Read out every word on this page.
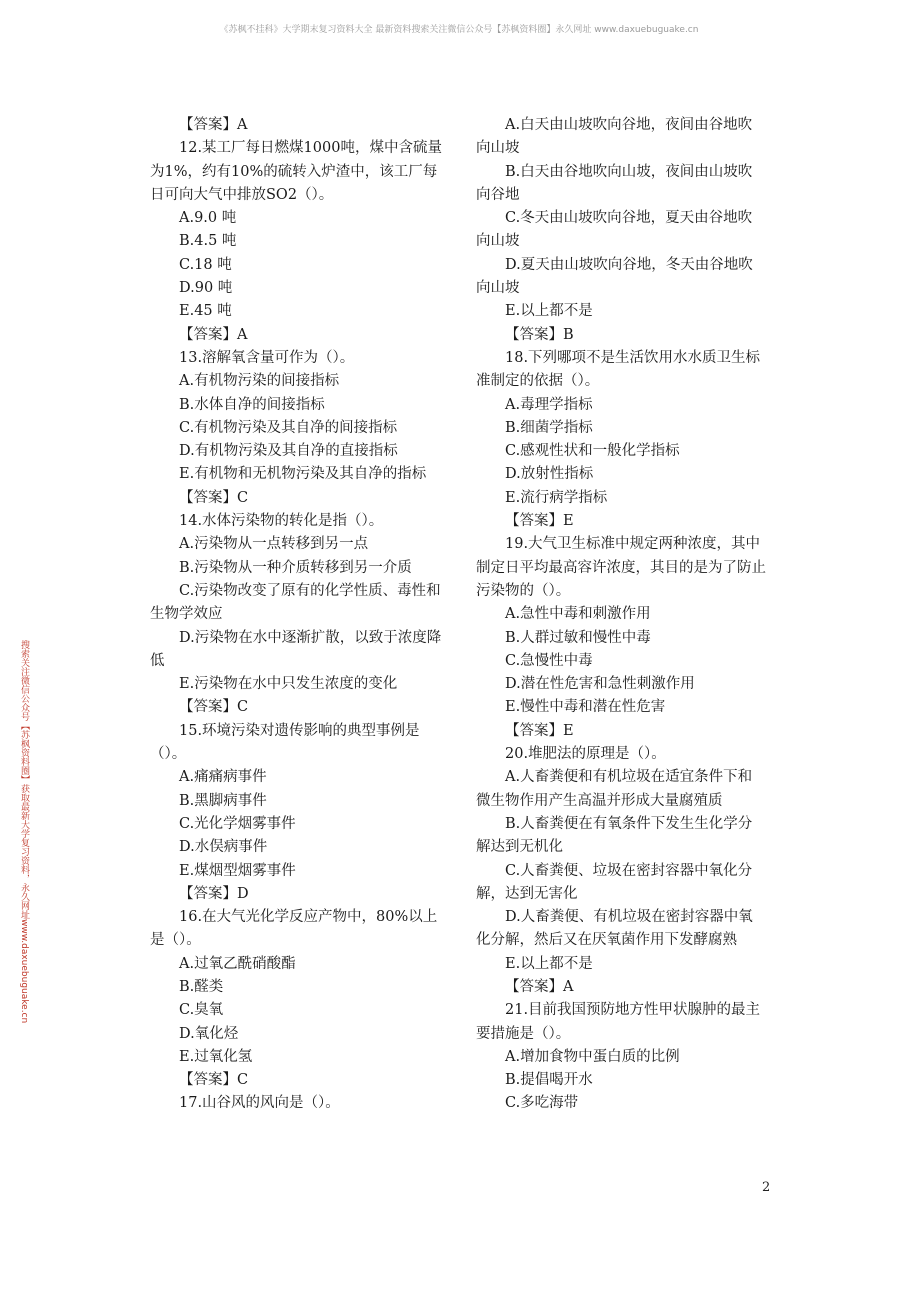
《苏枫不挂科》大学期末复习资料大全 最新资料搜索关注微信公众号【苏枫资料圈】永久网址 www.daxuebuguake.cn
搜索关注微信公众号【苏枫资料圈】获取最新大学复习资料，永久网址www.daxuebuguake.cn

【答案】A

12.某工厂每日燃煤1000吨，煤中含硫量为1%，约有10%的硫转入炉渣中，该工厂每日可向大气中排放SO2（）。

A.9.0 吨

B.4.5 吨

C.18 吨

D.90 吨

E.45 吨

【答案】A

13.溶解氧含量可作为（）。

A.有机物污染的间接指标

B.水体自净的间接指标

C.有机物污染及其自净的间接指标

D.有机物污染及其自净的直接指标

E.有机物和无机物污染及其自净的指标

【答案】C

14.水体污染物的转化是指（）。

A.污染物从一点转移到另一点

B.污染物从一种介质转移到另一介质

C.污染物改变了原有的化学性质、毒性和生物学效应

D.污染物在水中逐渐扩散，以致于浓度降低

E.污染物在水中只发生浓度的变化

【答案】C

15.环境污染对遗传影响的典型事例是（）。

A.痛痛病事件

B.黑脚病事件

C.光化学烟雾事件

D.水俣病事件

E.煤烟型烟雾事件

【答案】D

16.在大气光化学反应产物中，80%以上是（）。

A.过氧乙酰硝酸酯

B.醛类

C.臭氧

D.氧化烃

E.过氧化氢

【答案】C

17.山谷风的风向是（）。

A.白天由山坡吹向谷地，夜间由谷地吹向山坡

B.白天由谷地吹向山坡，夜间由山坡吹向谷地

C.冬天由山坡吹向谷地，夏天由谷地吹向山坡

D.夏天由山坡吹向谷地，冬天由谷地吹向山坡

E.以上都不是

【答案】B

18.下列哪项不是生活饮用水水质卫生标准制定的依据（）。

A.毒理学指标

B.细菌学指标

C.感观性状和一般化学指标

D.放射性指标

E.流行病学指标

【答案】E

19.大气卫生标准中规定两种浓度，其中制定日平均最高容许浓度，其目的是为了防止污染物的（）。

A.急性中毒和刺激作用

B.人群过敏和慢性中毒

C.急慢性中毒

D.潜在性危害和急性刺激作用

E.慢性中毒和潜在性危害

【答案】E

20.堆肥法的原理是（）。

A.人畜粪便和有机垃圾在适宜条件下和微生物作用产生高温并形成大量腐殖质

B.人畜粪便在有氧条件下发生生化学分解达到无机化

C.人畜粪便、垃圾在密封容器中氧化分解，达到无害化

D.人畜粪便、有机垃圾在密封容器中氧化分解，然后又在厌氧菌作用下发酵腐熟

E.以上都不是

【答案】A

21.目前我国预防地方性甲状腺肿的最主要措施是（）。

A.增加食物中蛋白质的比例

B.提倡喝开水

C.多吃海带

2
